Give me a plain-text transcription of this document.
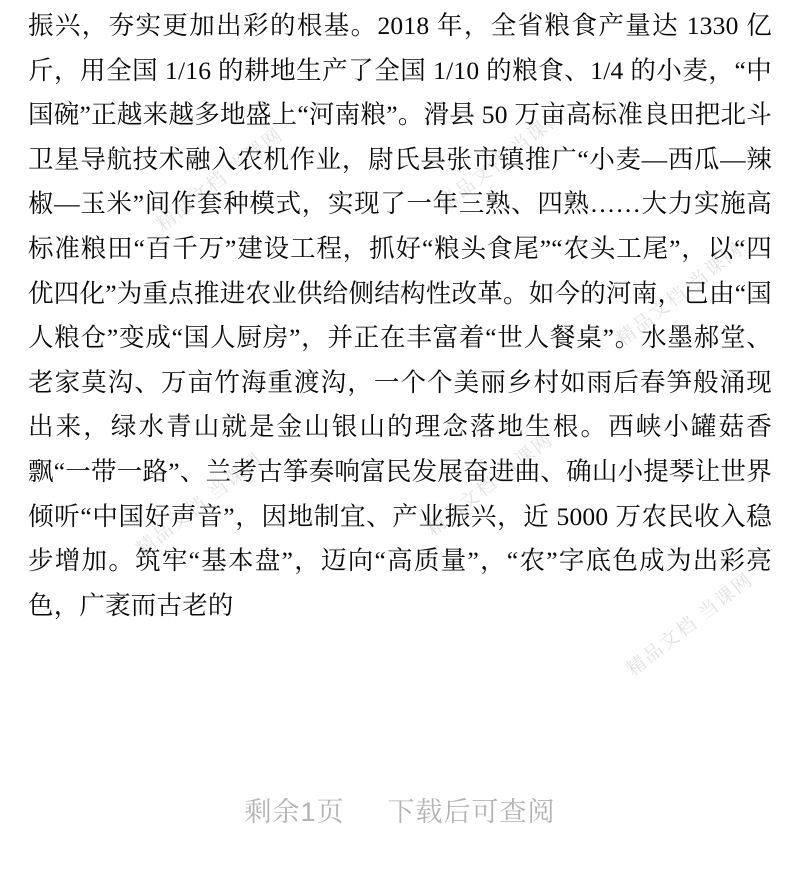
精品文档 当课网	精品文档 当课网
精品文档 当课网	精品文档 当课网
精品文档 当课网
精品文档 当课网

振兴，夯实更加出彩的根基。2018 年，全省粮食产量达 1330 亿斤，用全国 1/16 的耕地生产了全国 1/10 的粮食、1/4 的小麦，“中国碗”正越来越多地盛上“河南粮”。滑县 50 万亩高标准良田把北斗卫星导航技术融入农机作业，尉氏县张市镇推广“小麦—西瓜—辣椒—玉米”间作套种模式，实现了一年三熟、四熟……大力实施高标准粮田“百千万”建设工程，抓好“粮头食尾”“农头工尾”，以“四优四化”为重点推进农业供给侧结构性改革。如今的河南，已由“国人粮仓”变成“国人厨房”，并正在丰富着“世人餐桌”。水墨郝堂、老家莫沟、万亩竹海重渡沟，一个个美丽乡村如雨后春笋般涌现出来，绿水青山就是金山银山的理念落地生根。西峡小罐菇香飘“一带一路”、兰考古筝奏响富民发展奋进曲、确山小提琴让世界倾听“中国好声音”，因地制宜、产业振兴，近 5000 万农民收入稳步增加。筑牢“基本盘”，迈向“高质量”，“农”字底色成为出彩亮色，广袤而古老的

剩余1页 下载后可查阅
